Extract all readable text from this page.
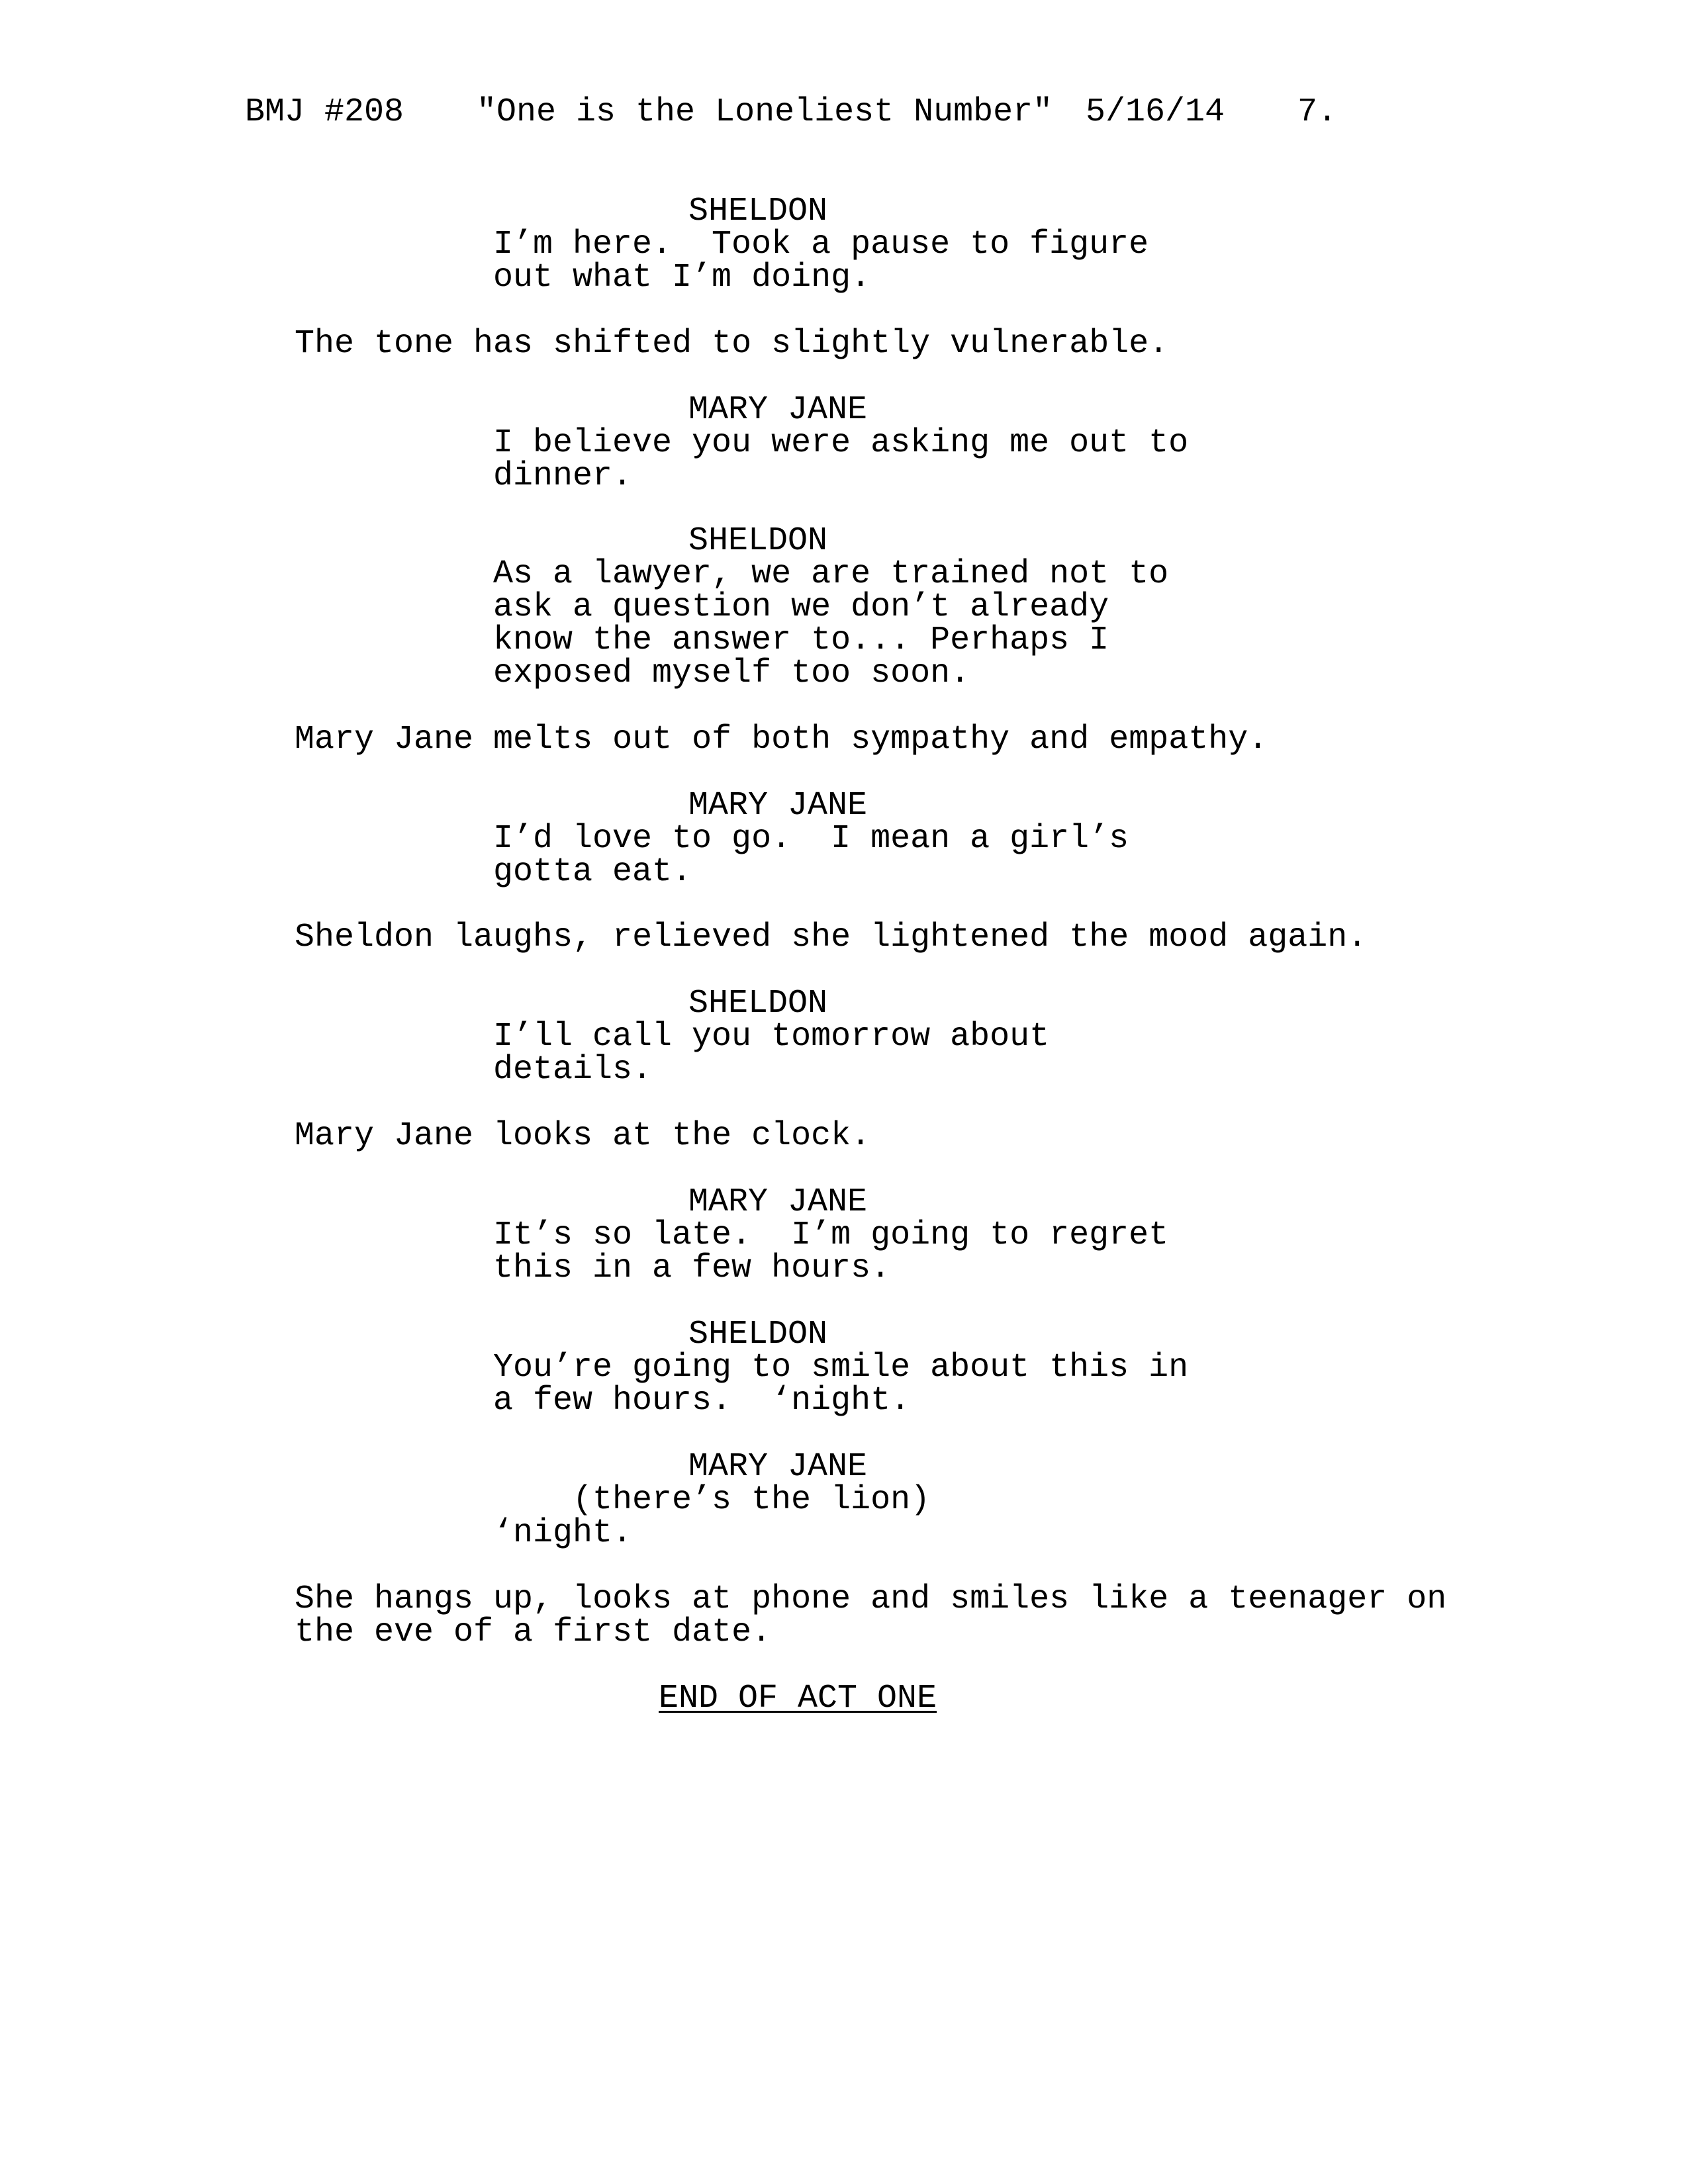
BMJ #208 "One is the Loneliest Number" 5/16/14 7.
SHELDON
I’m here.  Took a pause to figure
out what I’m doing.
The tone has shifted to slightly vulnerable.
MARY JANE
I believe you were asking me out to
dinner.
SHELDON
As a lawyer, we are trained not to
ask a question we don’t already
know the answer to... Perhaps I
exposed myself too soon.
Mary Jane melts out of both sympathy and empathy.
MARY JANE
I’d love to go.  I mean a girl’s
gotta eat.
Sheldon laughs, relieved she lightened the mood again.
SHELDON
I’ll call you tomorrow about
details.
Mary Jane looks at the clock.
MARY JANE
It’s so late.  I’m going to regret
this in a few hours.
SHELDON
You’re going to smile about this in
a few hours.  ‘night.
MARY JANE
(there’s the lion)
‘night.
She hangs up, looks at phone and smiles like a teenager on
the eve of a first date.
END OF ACT ONE
